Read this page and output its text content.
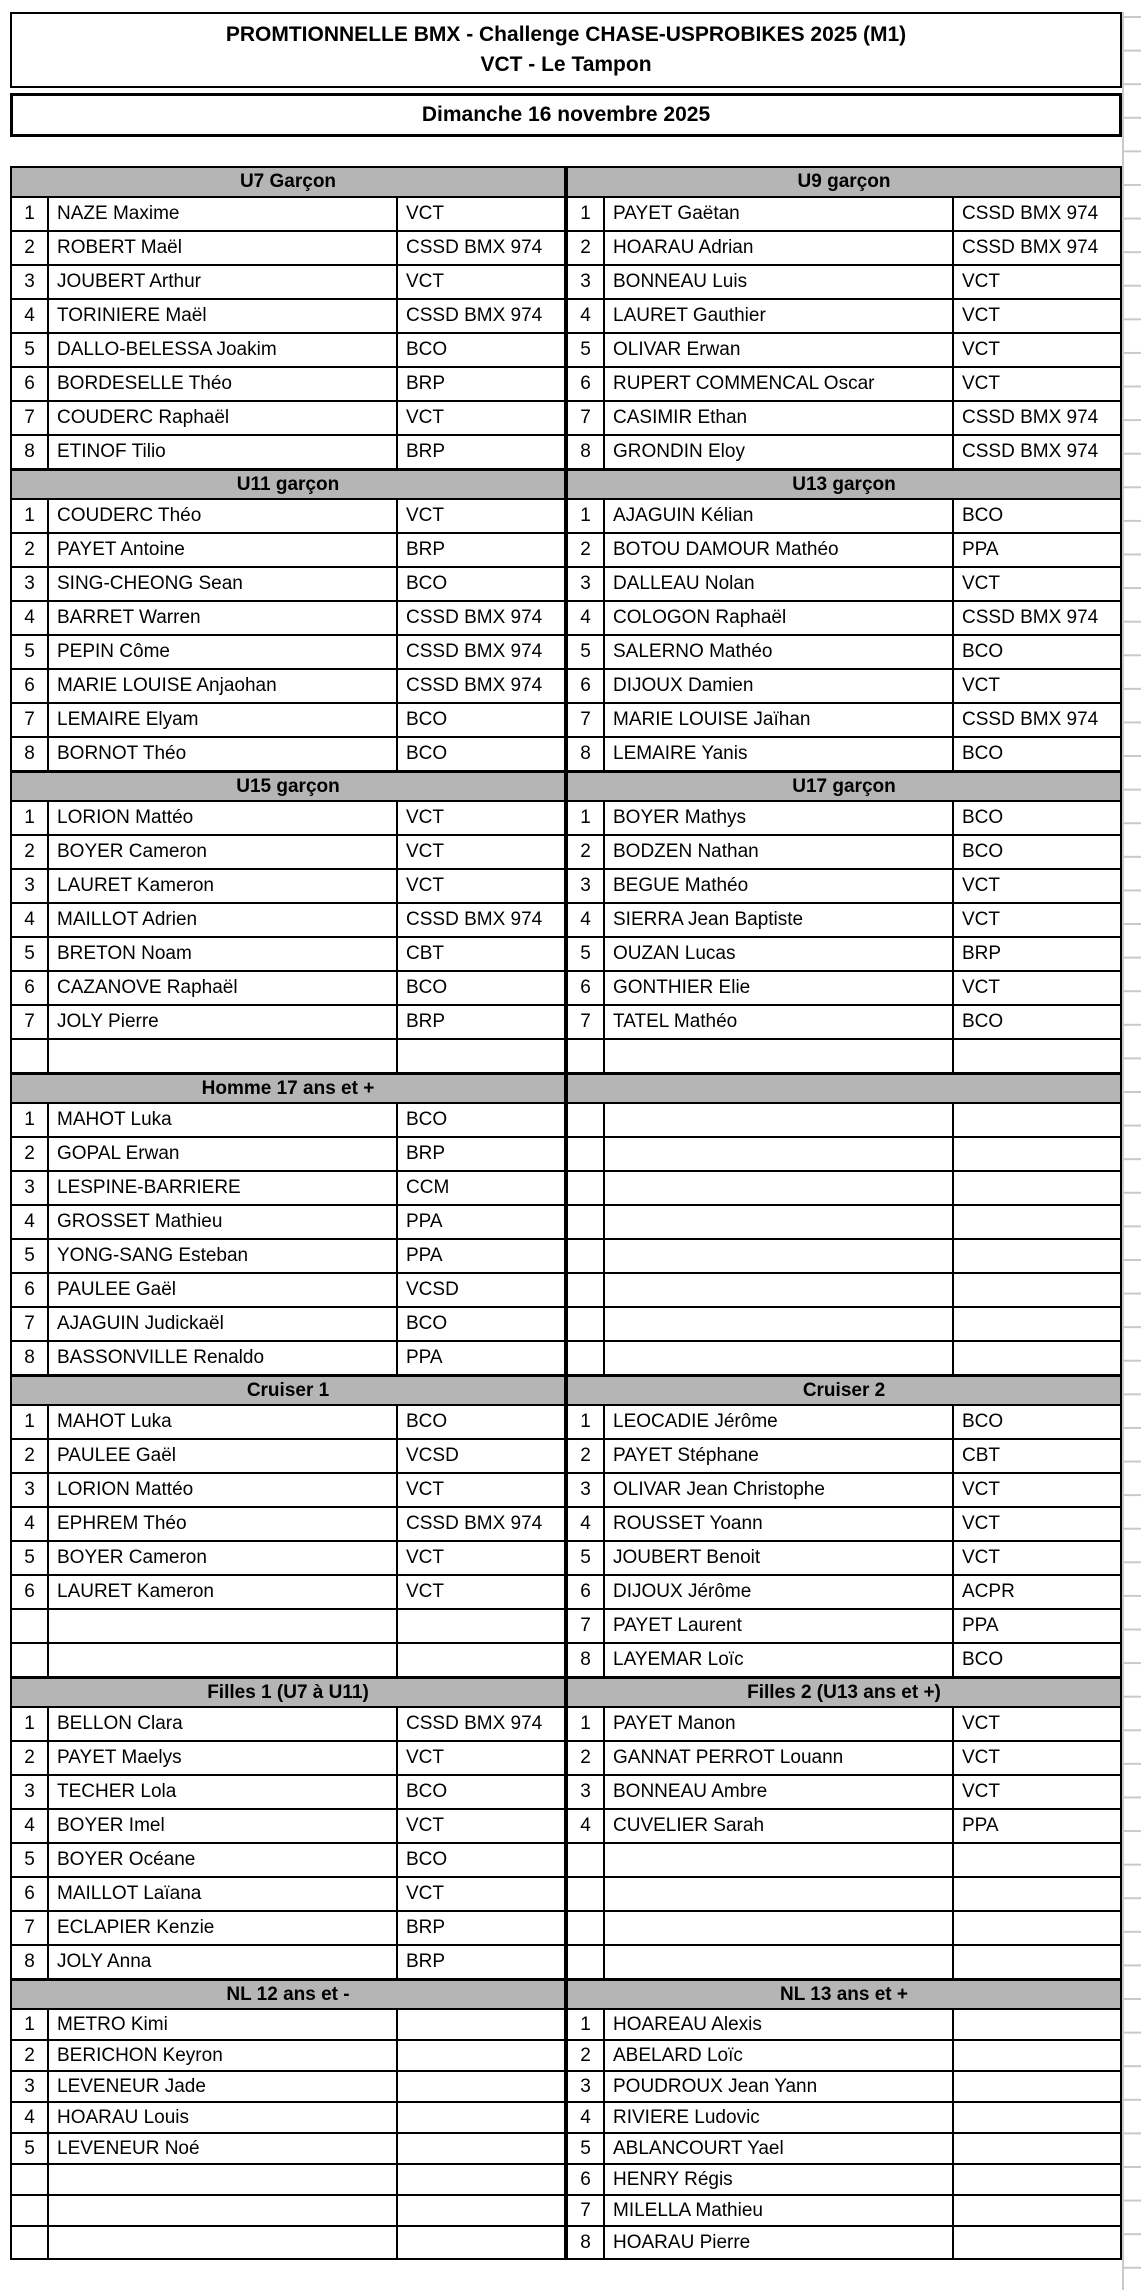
PROMTIONNELLE BMX - Challenge CHASE-USPROBIKES 2025 (M1)
VCT - Le Tampon
Dimanche 16 novembre 2025
U7 Garçon
1	NAZE Maxime	VCT
2	ROBERT Maël	CSSD BMX 974
3	JOUBERT Arthur	VCT
4	TORINIERE Maël	CSSD BMX 974
5	DALLO-BELESSA Joakim	BCO
6	BORDESELLE Théo	BRP
7	COUDERC Raphaël	VCT
8	ETINOF Tilio	BRP
U11 garçon
1	COUDERC Théo	VCT
2	PAYET Antoine	BRP
3	SING-CHEONG Sean	BCO
4	BARRET Warren	CSSD BMX 974
5	PEPIN Côme	CSSD BMX 974
6	MARIE LOUISE Anjaohan	CSSD BMX 974
7	LEMAIRE Elyam	BCO
8	BORNOT Théo	BCO
U15 garçon
1	LORION Mattéo	VCT
2	BOYER Cameron	VCT
3	LAURET Kameron	VCT
4	MAILLOT Adrien	CSSD BMX 974
5	BRETON Noam	CBT
6	CAZANOVE Raphaël	BCO
7	JOLY Pierre	BRP
Homme 17 ans et +
1	MAHOT Luka	BCO
2	GOPAL Erwan	BRP
3	LESPINE-BARRIERE	CCM
4	GROSSET Mathieu	PPA
5	YONG-SANG Esteban	PPA
6	PAULEE Gaël	VCSD
7	AJAGUIN Judickaël	BCO
8	BASSONVILLE Renaldo	PPA
Cruiser 1
1	MAHOT Luka	BCO
2	PAULEE Gaël	VCSD
3	LORION Mattéo	VCT
4	EPHREM Théo	CSSD BMX 974
5	BOYER Cameron	VCT
6	LAURET Kameron	VCT
Filles 1 (U7 à U11)
1	BELLON Clara	CSSD BMX 974
2	PAYET Maelys	VCT
3	TECHER Lola	BCO
4	BOYER Imel	VCT
5	BOYER Océane	BCO
6	MAILLOT Laïana	VCT
7	ECLAPIER Kenzie	BRP
8	JOLY Anna	BRP
NL 12 ans et -
1	METRO Kimi
2	BERICHON Keyron
3	LEVENEUR Jade
4	HOARAU Louis
5	LEVENEUR Noé
U9 garçon
1	PAYET Gaëtan	CSSD BMX 974
2	HOARAU Adrian	CSSD BMX 974
3	BONNEAU Luis	VCT
4	LAURET Gauthier	VCT
5	OLIVAR Erwan	VCT
6	RUPERT COMMENCAL Oscar	VCT
7	CASIMIR Ethan	CSSD BMX 974
8	GRONDIN Eloy	CSSD BMX 974
U13 garçon
1	AJAGUIN Kélian	BCO
2	BOTOU DAMOUR Mathéo	PPA
3	DALLEAU Nolan	VCT
4	COLOGON Raphaël	CSSD BMX 974
5	SALERNO Mathéo	BCO
6	DIJOUX Damien	VCT
7	MARIE LOUISE Jaïhan	CSSD BMX 974
8	LEMAIRE Yanis	BCO
U17 garçon
1	BOYER Mathys	BCO
2	BODZEN Nathan	BCO
3	BEGUE Mathéo	VCT
4	SIERRA Jean Baptiste	VCT
5	OUZAN Lucas	BRP
6	GONTHIER Elie	VCT
7	TATEL Mathéo	BCO
Cruiser 2
1	LEOCADIE Jérôme	BCO
2	PAYET Stéphane	CBT
3	OLIVAR Jean Christophe	VCT
4	ROUSSET Yoann	VCT
5	JOUBERT Benoit	VCT
6	DIJOUX Jérôme	ACPR
7	PAYET Laurent	PPA
8	LAYEMAR Loïc	BCO
Filles 2 (U13 ans et +)
1	PAYET Manon	VCT
2	GANNAT PERROT Louann	VCT
3	BONNEAU Ambre	VCT
4	CUVELIER Sarah	PPA
NL 13 ans et +
1	HOAREAU Alexis
2	ABELARD Loïc
3	POUDROUX Jean Yann
4	RIVIERE Ludovic
5	ABLANCOURT Yael
6	HENRY Régis
7	MILELLA Mathieu
8	HOARAU Pierre
